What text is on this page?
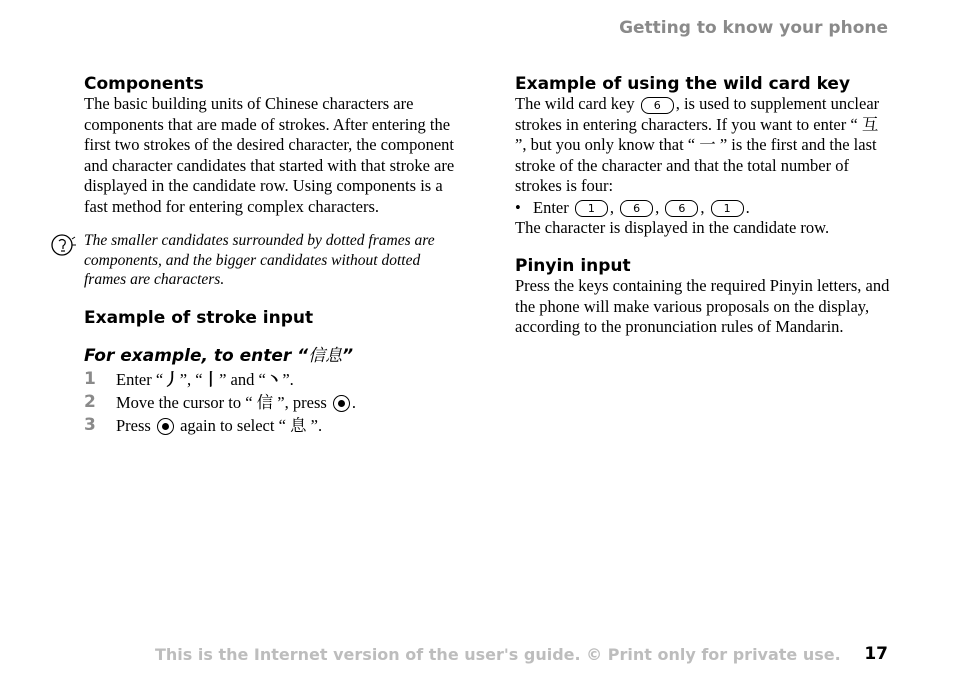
Getting to know your phone
Components

The basic building units of Chinese characters are components that are made of strokes. After entering the first two strokes of the desired character, the component and character candidates that started with that stroke are displayed in the candidate row. Using components is a fast method for entering complex characters.

The smaller candidates surrounded by dotted frames are components, and the bigger candidates without dotted frames are characters.

Example of stroke input
For example, to enter “信息”
1 Enter “丿”, “丨” and “丶”.
2 Move the cursor to “ 信 ”, press .
3 Press again to select “ 息 ”.
Example of using the wild card key

The wild card key 6 , is used to supplement unclear strokes in entering characters. If you want to enter “ 互 ”, but you only know that “ 一 ” is the first and the last stroke of the character and that the total number of strokes is four:

• Enter 1 , 6 , 6 , 1 .

The character is displayed in the candidate row.

Pinyin input

Press the keys containing the required Pinyin letters, and the phone will make various proposals on the display, according to the pronunciation rules of Mandarin.

This is the Internet version of the user's guide. © Print only for private use. 17
